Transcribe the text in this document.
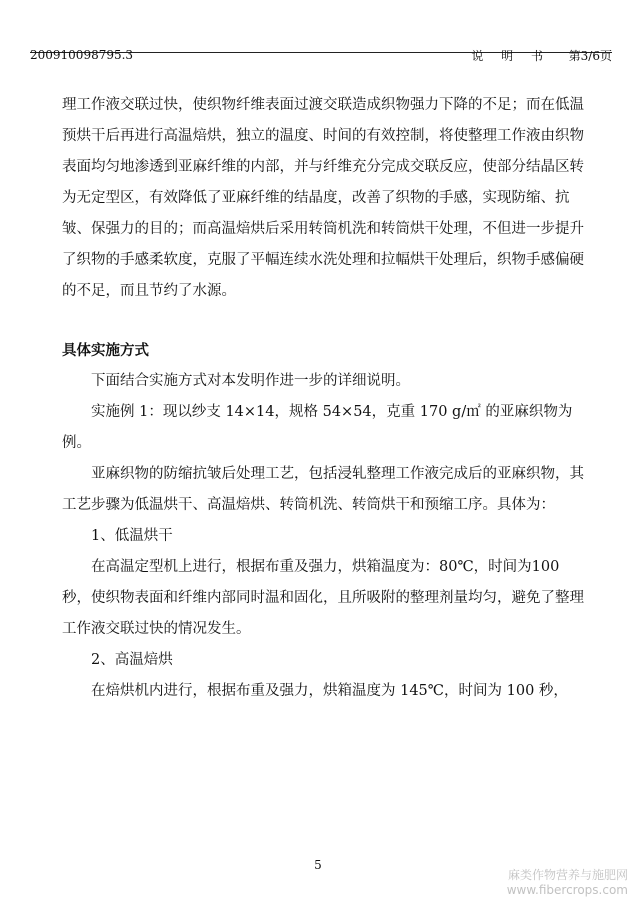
200910098795.3	说 明 书 第3/6页

理工作液交联过快，使织物纤维表面过渡交联造成织物强力下降的不足；而在低温预烘干后再进行高温焙烘，独立的温度、时间的有效控制，将使整理工作液由织物表面均匀地渗透到亚麻纤维的内部，并与纤维充分完成交联反应，使部分结晶区转为无定型区，有效降低了亚麻纤维的结晶度，改善了织物的手感，实现防缩、抗皱、保强力的目的；而高温焙烘后采用转筒机洗和转筒烘干处理，不但进一步提升了织物的手感柔软度，克服了平幅连续水洗处理和拉幅烘干处理后，织物手感偏硬的不足，而且节约了水源。

具体实施方式

下面结合实施方式对本发明作进一步的详细说明。

实施例 1：现以纱支 14×14，规格 54×54，克重 170 g/㎡ 的亚麻织物为例。

亚麻织物的防缩抗皱后处理工艺，包括浸轧整理工作液完成后的亚麻织物，其工艺步骤为低温烘干、高温焙烘、转筒机洗、转筒烘干和预缩工序。具体为：

1、低温烘干

在高温定型机上进行，根据布重及强力，烘箱温度为：80℃，时间为100 秒，使织物表面和纤维内部同时温和固化，且所吸附的整理剂量均匀，避免了整理工作液交联过快的情况发生。

2、高温焙烘

在焙烘机内进行，根据布重及强力，烘箱温度为 145℃，时间为 100 秒，

5
麻类作物营养与施肥网
www.fibercrops.com
